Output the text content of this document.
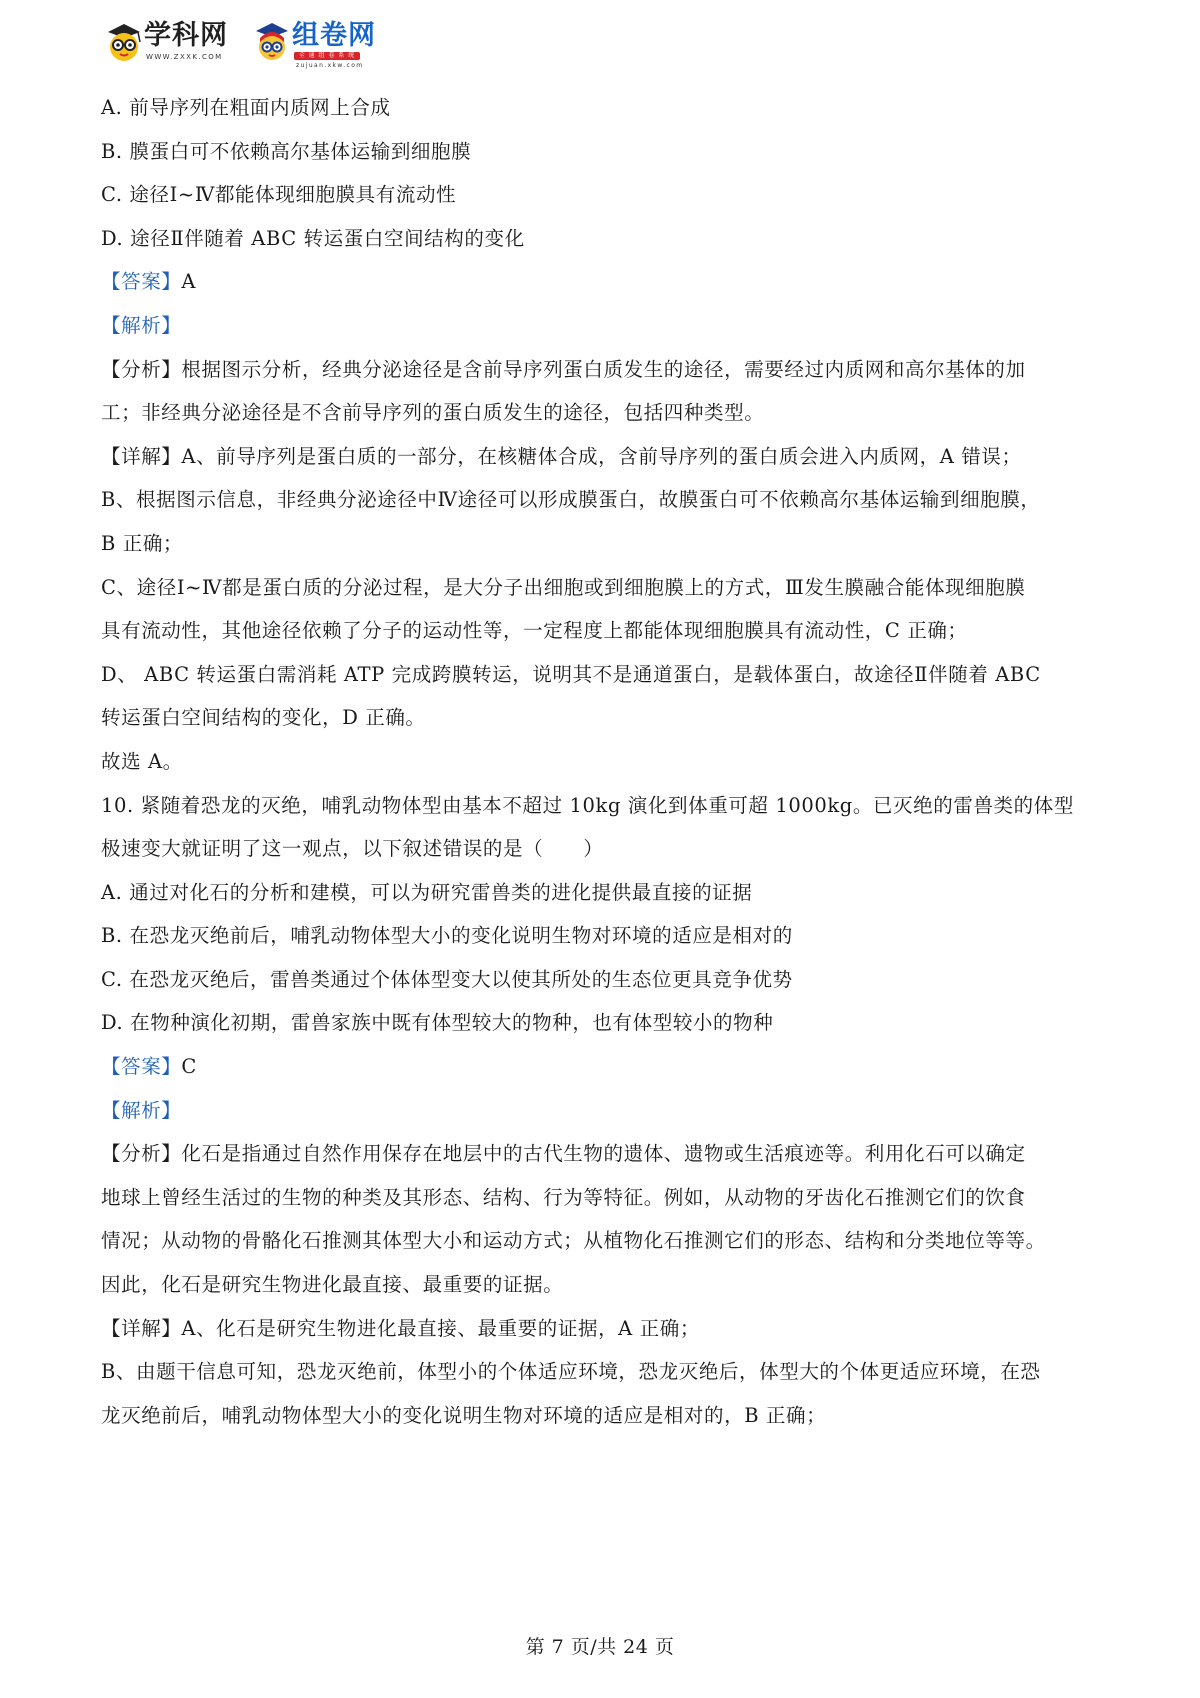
学科网
WWW.ZXXK.COM
组卷网
全 通 组 卷 系 统
zujuan.xkw.com
A. 前导序列在粗面内质网上合成
B. 膜蛋白可不依赖高尔基体运输到细胞膜
C. 途径Ⅰ~Ⅳ都能体现细胞膜具有流动性
D. 途径Ⅱ伴随着 ABC 转运蛋白空间结构的变化
【答案】A
【解析】
【分析】根据图示分析，经典分泌途径是含前导序列蛋白质发生的途径，需要经过内质网和高尔基体的加
工；非经典分泌途径是不含前导序列的蛋白质发生的途径，包括四种类型。
【详解】A、前导序列是蛋白质的一部分，在核糖体合成，含前导序列的蛋白质会进入内质网，A 错误；
B、根据图示信息，非经典分泌途径中Ⅳ途径可以形成膜蛋白，故膜蛋白可不依赖高尔基体运输到细胞膜，
B 正确；
C、途径Ⅰ~Ⅳ都是蛋白质的分泌过程，是大分子出细胞或到细胞膜上的方式，Ⅲ发生膜融合能体现细胞膜
具有流动性，其他途径依赖了分子的运动性等，一定程度上都能体现细胞膜具有流动性，C 正确；
D、 ABC 转运蛋白需消耗 ATP 完成跨膜转运，说明其不是通道蛋白，是载体蛋白，故途径Ⅱ伴随着 ABC
转运蛋白空间结构的变化，D 正确。
故选 A。
10. 紧随着恐龙的灭绝，哺乳动物体型由基本不超过 10kg 演化到体重可超 1000kg。已灭绝的雷兽类的体型
极速变大就证明了这一观点，以下叙述错误的是（　　）
A. 通过对化石的分析和建模，可以为研究雷兽类的进化提供最直接的证据
B. 在恐龙灭绝前后，哺乳动物体型大小的变化说明生物对环境的适应是相对的
C. 在恐龙灭绝后，雷兽类通过个体体型变大以使其所处的生态位更具竞争优势
D. 在物种演化初期，雷兽家族中既有体型较大的物种，也有体型较小的物种
【答案】C
【解析】
【分析】化石是指通过自然作用保存在地层中的古代生物的遗体、遗物或生活痕迹等。利用化石可以确定
地球上曾经生活过的生物的种类及其形态、结构、行为等特征。例如，从动物的牙齿化石推测它们的饮食
情况；从动物的骨骼化石推测其体型大小和运动方式；从植物化石推测它们的形态、结构和分类地位等等。
因此，化石是研究生物进化最直接、最重要的证据。
【详解】A、化石是研究生物进化最直接、最重要的证据，A 正确；
B、由题干信息可知，恐龙灭绝前，体型小的个体适应环境，恐龙灭绝后，体型大的个体更适应环境，在恐
龙灭绝前后，哺乳动物体型大小的变化说明生物对环境的适应是相对的，B 正确；
第 7 页/共 24 页
